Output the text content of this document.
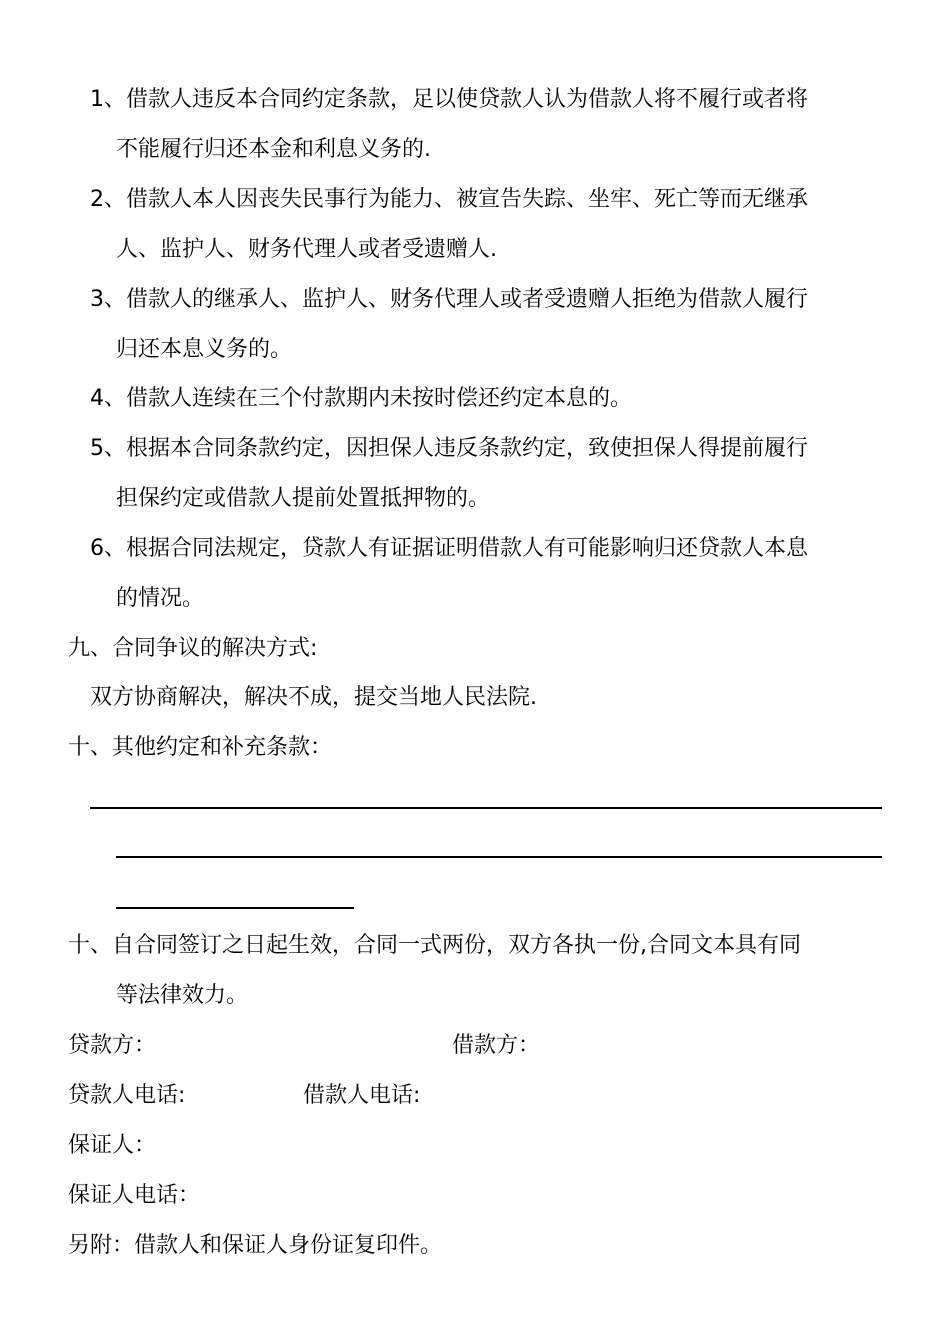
1、借款人违反本合同约定条款，足以使贷款人认为借款人将不履行或者将
不能履行归还本金和利息义务的.
2、借款人本人因丧失民事行为能力、被宣告失踪、坐牢、死亡等而无继承
人、监护人、财务代理人或者受遗赠人.
3、借款人的继承人、监护人、财务代理人或者受遗赠人拒绝为借款人履行
归还本息义务的。
4、借款人连续在三个付款期内未按时偿还约定本息的。
5、根据本合同条款约定，因担保人违反条款约定，致使担保人得提前履行
担保约定或借款人提前处置抵押物的。
6、根据合同法规定，贷款人有证据证明借款人有可能影响归还贷款人本息
的情况。
九、合同争议的解决方式:
双方协商解决，解决不成，提交当地人民法院.
十、其他约定和补充条款：
十、自合同签订之日起生效，合同一式两份，双方各执一份,合同文本具有同
等法律效力。
贷款方：	借款方：
贷款人电话:	借款人电话:
保证人：
保证人电话：
另附：借款人和保证人身份证复印件。
